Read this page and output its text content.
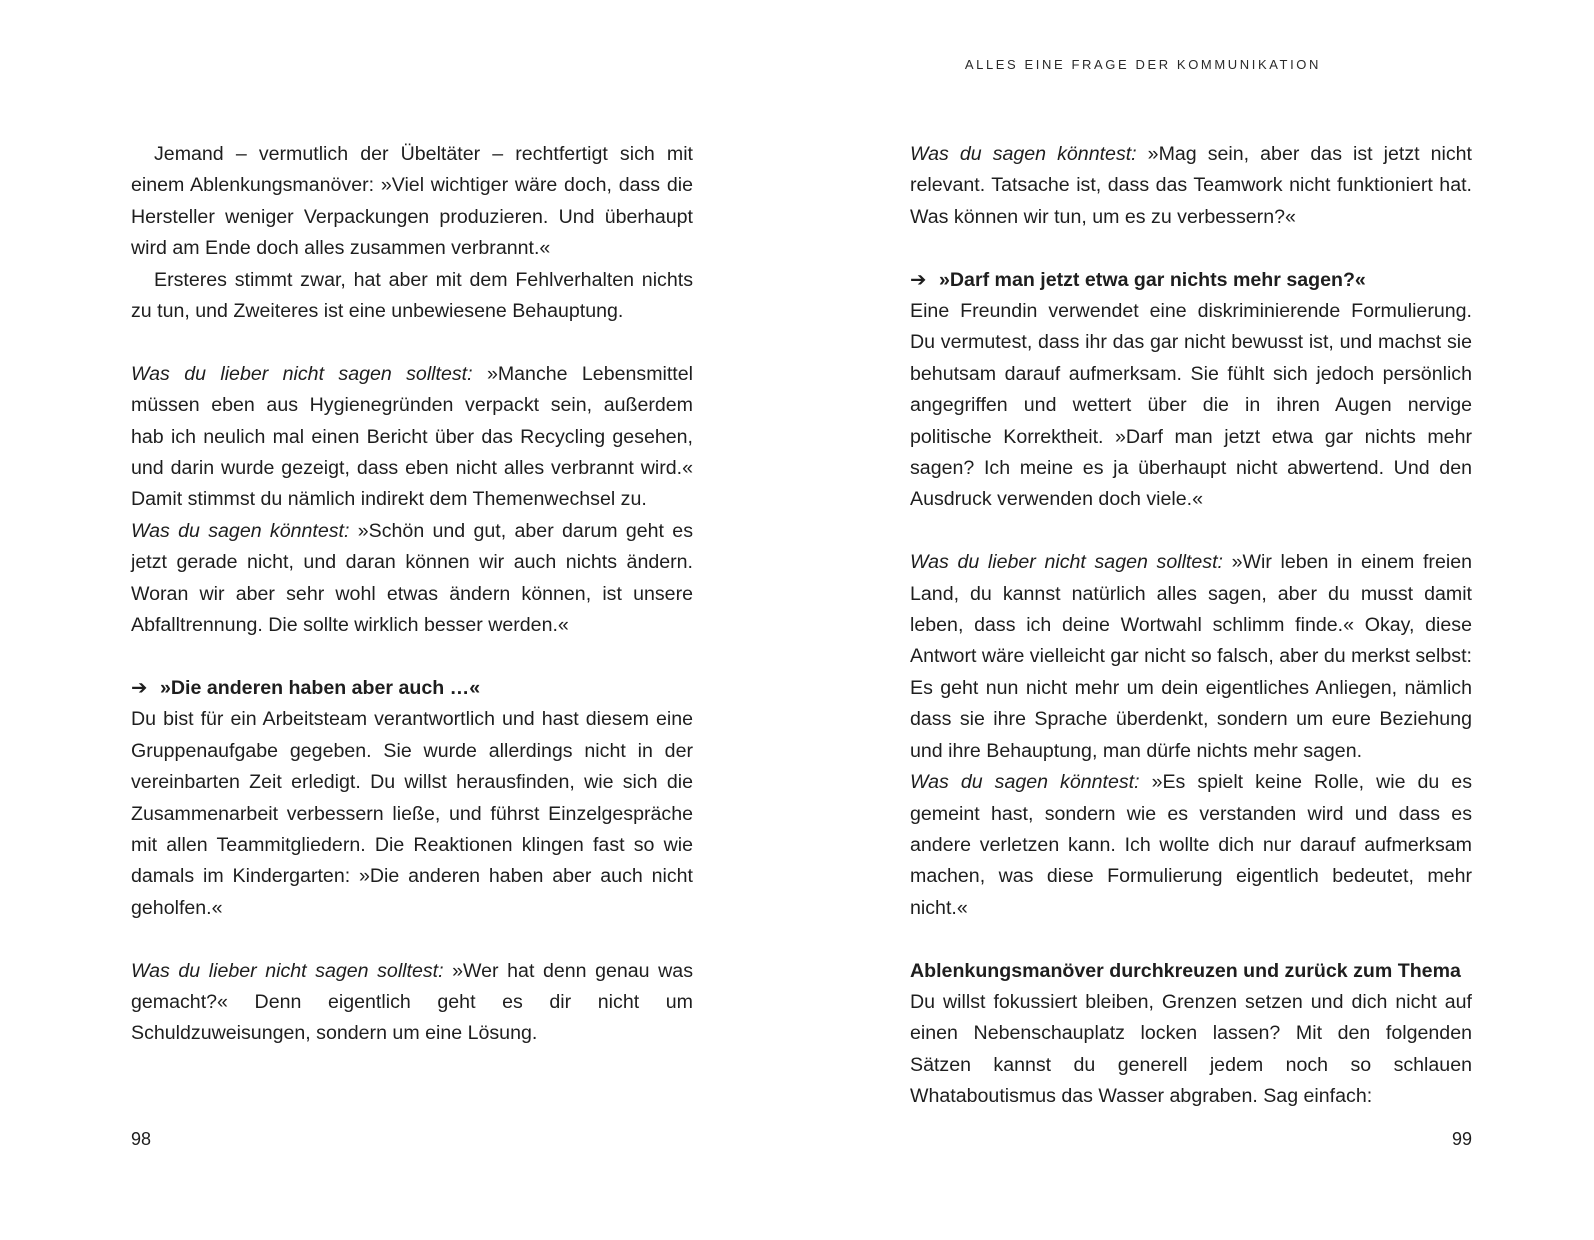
Jemand – vermutlich der Übeltäter – rechtfertigt sich mit einem Ablenkungsmanöver: »Viel wichtiger wäre doch, dass die Hersteller weniger Verpackungen produzieren. Und überhaupt wird am Ende doch alles zusammen verbrannt.«

Ersteres stimmt zwar, hat aber mit dem Fehlverhalten nichts zu tun, und Zweiteres ist eine unbewiesene Behauptung.

Was du lieber nicht sagen solltest: »Manche Lebensmittel müssen eben aus Hygienegründen verpackt sein, außerdem hab ich neulich mal einen Bericht über das Recycling gesehen, und darin wurde gezeigt, dass eben nicht alles verbrannt wird.« Damit stimmst du nämlich indirekt dem Themenwechsel zu.

Was du sagen könntest: »Schön und gut, aber darum geht es jetzt gerade nicht, und daran können wir auch nichts ändern. Woran wir aber sehr wohl etwas ändern können, ist unsere Abfalltrennung. Die sollte wirklich besser werden.«

➔ »Die anderen haben aber auch …«

Du bist für ein Arbeitsteam verantwortlich und hast diesem eine Gruppenaufgabe gegeben. Sie wurde allerdings nicht in der vereinbarten Zeit erledigt. Du willst herausfinden, wie sich die Zusammenarbeit verbessern ließe, und führst Einzelgespräche mit allen Teammitgliedern. Die Reaktionen klingen fast so wie damals im Kindergarten: »Die anderen haben aber auch nicht geholfen.«

Was du lieber nicht sagen solltest: »Wer hat denn genau was gemacht?« Denn eigentlich geht es dir nicht um Schuldzuweisungen, sondern um eine Lösung.

98
ALLES EINE FRAGE DER KOMMUNIKATION

Was du sagen könntest: »Mag sein, aber das ist jetzt nicht relevant. Tatsache ist, dass das Teamwork nicht funktioniert hat. Was können wir tun, um es zu verbessern?«

➔ »Darf man jetzt etwa gar nichts mehr sagen?«

Eine Freundin verwendet eine diskriminierende Formulierung. Du vermutest, dass ihr das gar nicht bewusst ist, und machst sie behutsam darauf aufmerksam. Sie fühlt sich jedoch persönlich angegriffen und wettert über die in ihren Augen nervige politische Korrektheit. »Darf man jetzt etwa gar nichts mehr sagen? Ich meine es ja überhaupt nicht abwertend. Und den Ausdruck verwenden doch viele.«

Was du lieber nicht sagen solltest: »Wir leben in einem freien Land, du kannst natürlich alles sagen, aber du musst damit leben, dass ich deine Wortwahl schlimm finde.« Okay, diese Antwort wäre vielleicht gar nicht so falsch, aber du merkst selbst: Es geht nun nicht mehr um dein eigentliches Anliegen, nämlich dass sie ihre Sprache überdenkt, sondern um eure Beziehung und ihre Behauptung, man dürfe nichts mehr sagen.

Was du sagen könntest: »Es spielt keine Rolle, wie du es gemeint hast, sondern wie es verstanden wird und dass es andere verletzen kann. Ich wollte dich nur darauf aufmerksam machen, was diese Formulierung eigentlich bedeutet, mehr nicht.«

Ablenkungsmanöver durchkreuzen und zurück zum Thema

Du willst fokussiert bleiben, Grenzen setzen und dich nicht auf einen Nebenschauplatz locken lassen? Mit den folgenden Sätzen kannst du generell jedem noch so schlauen Whataboutismus das Wasser abgraben. Sag einfach:

99
